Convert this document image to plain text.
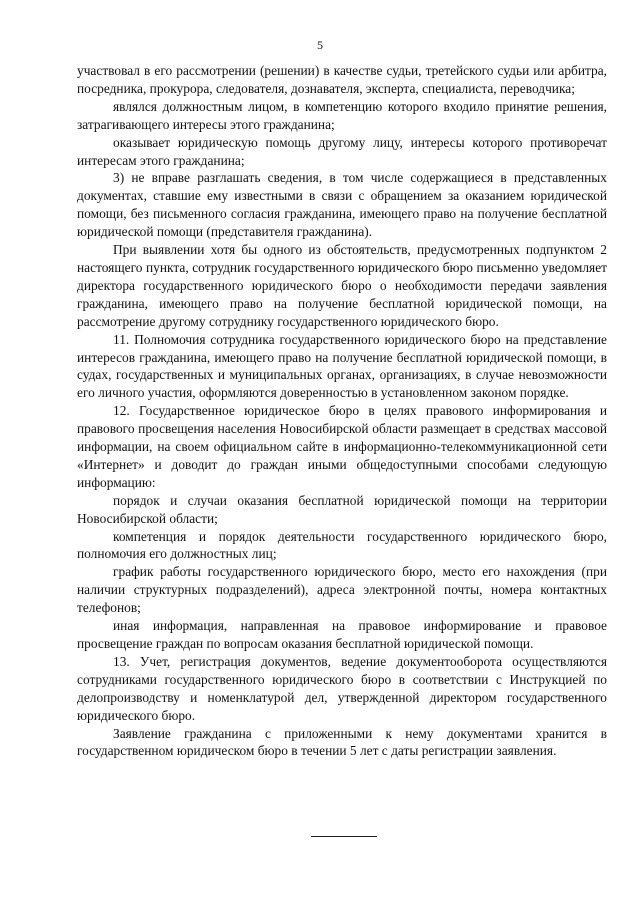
5

участвовал в его рассмотрении (решении) в качестве судьи, третейского судьи или арбитра, посредника, прокурора, следователя, дознавателя, эксперта, специалиста, переводчика;

являлся должностным лицом, в компетенцию которого входило принятие решения, затрагивающего интересы этого гражданина;

оказывает юридическую помощь другому лицу, интересы которого противоречат интересам этого гражданина;

3) не вправе разглашать сведения, в том числе содержащиеся в представленных документах, ставшие ему известными в связи с обращением за оказанием юридической помощи, без письменного согласия гражданина, имеющего право на получение бесплатной юридической помощи (представителя гражданина).

При выявлении хотя бы одного из обстоятельств, предусмотренных подпунктом 2 настоящего пункта, сотрудник государственного юридического бюро письменно уведомляет директора государственного юридического бюро о необходимости передачи заявления гражданина, имеющего право на получение бесплатной юридической помощи, на рассмотрение другому сотруднику государственного юридического бюро.

11. Полномочия сотрудника государственного юридического бюро на представление интересов гражданина, имеющего право на получение бесплатной юридической помощи, в судах, государственных и муниципальных органах, организациях, в случае невозможности его личного участия, оформляются доверенностью в установленном законом порядке.

12. Государственное юридическое бюро в целях правового информирования и правового просвещения населения Новосибирской области размещает в средствах массовой информации, на своем официальном сайте в информационно-телекоммуникационной сети «Интернет» и доводит до граждан иными общедоступными способами следующую информацию:

порядок и случаи оказания бесплатной юридической помощи на территории Новосибирской области;

компетенция и порядок деятельности государственного юридического бюро, полномочия его должностных лиц;

график работы государственного юридического бюро, место его нахождения (при наличии структурных подразделений), адреса электронной почты, номера контактных телефонов;

иная информация, направленная на правовое информирование и правовое просвещение граждан по вопросам оказания бесплатной юридической помощи.

13. Учет, регистрация документов, ведение документооборота осуществляются сотрудниками государственного юридического бюро в соответствии с Инструкцией по делопроизводству и номенклатурой дел, утвержденной директором государственного юридического бюро.

Заявление гражданина с приложенными к нему документами хранится в государственном юридическом бюро в течении 5 лет с даты регистрации заявления.
